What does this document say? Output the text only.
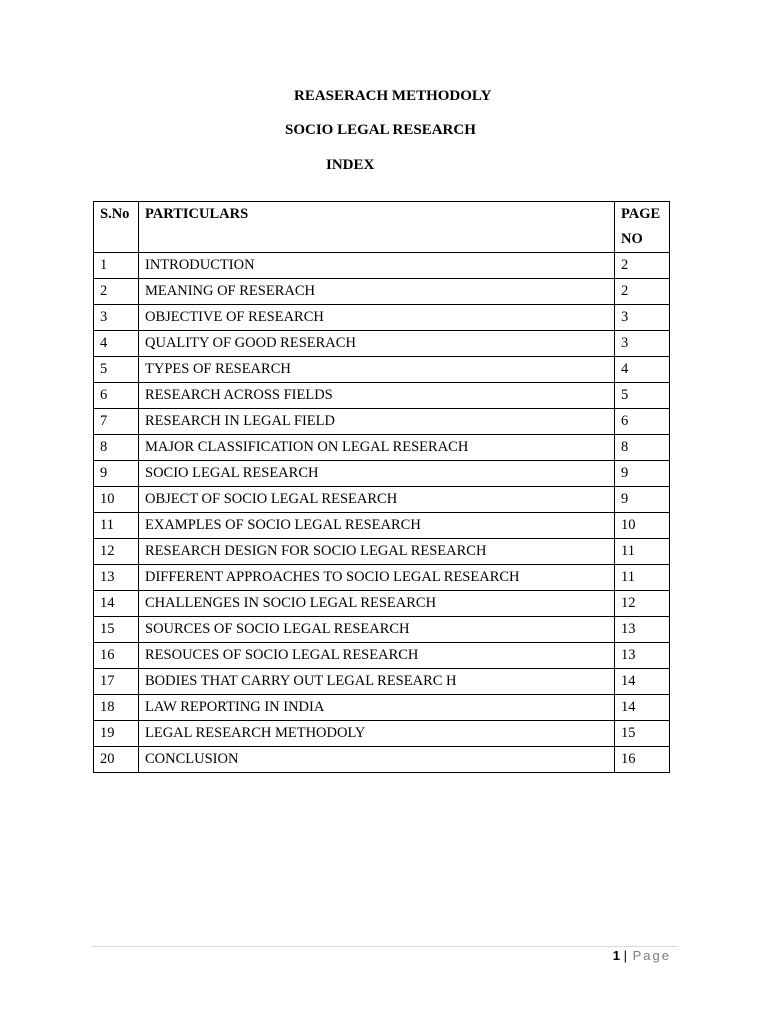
REASERACH METHODOLY
SOCIO LEGAL RESEARCH
INDEX
S.No	PARTICULARS	PAGE NO
1	INTRODUCTION	2
2	MEANING OF RESERACH	2
3	OBJECTIVE OF RESEARCH	3
4	QUALITY OF GOOD RESERACH	3
5	TYPES OF RESEARCH	4
6	RESEARCH ACROSS FIELDS	5
7	RESEARCH IN LEGAL FIELD	6
8	MAJOR CLASSIFICATION ON LEGAL RESERACH	8
9	SOCIO LEGAL RESEARCH	9
10	OBJECT OF SOCIO LEGAL RESEARCH	9
11	EXAMPLES OF SOCIO LEGAL RESEARCH	10
12	RESEARCH DESIGN FOR SOCIO LEGAL RESEARCH	11
13	DIFFERENT APPROACHES TO SOCIO LEGAL RESEARCH	11
14	CHALLENGES IN SOCIO LEGAL RESEARCH	12
15	SOURCES OF SOCIO LEGAL RESEARCH	13
16	RESOUCES OF SOCIO LEGAL RESEARCH	13
17	BODIES THAT CARRY OUT LEGAL RESEARC H	14
18	LAW REPORTING IN INDIA	14
19	LEGAL RESEARCH METHODOLY	15
20	CONCLUSION	16
1 | Page
